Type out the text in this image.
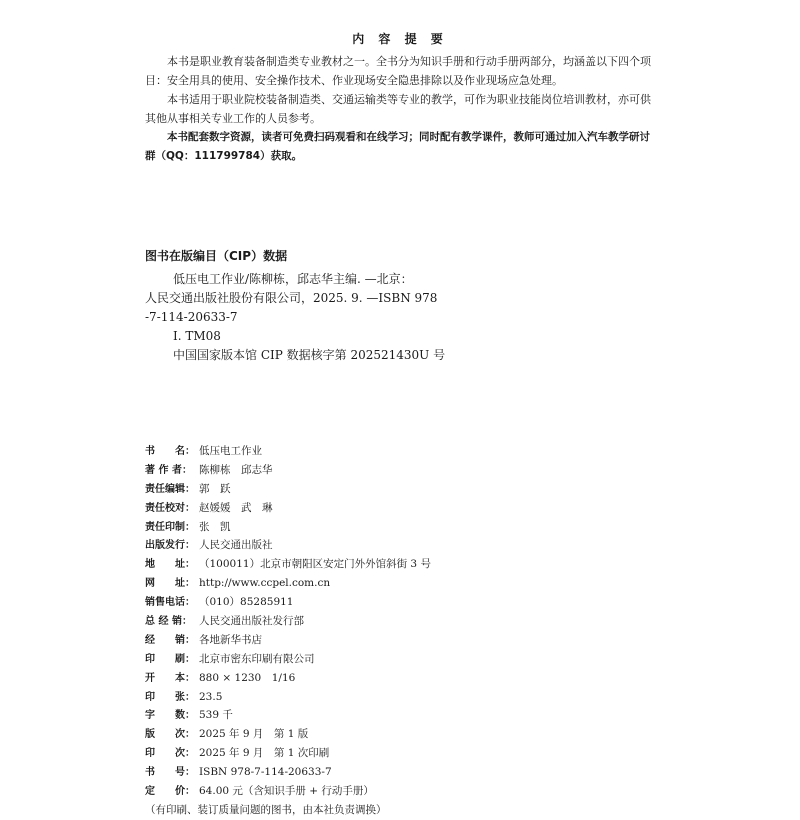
内 容 提 要

本书是职业教育装备制造类专业教材之一。全书分为知识手册和行动手册两部分，均涵盖以下四个项目：安全用具的使用、安全操作技术、作业现场安全隐患排除以及作业现场应急处理。

本书适用于职业院校装备制造类、交通运输类等专业的教学，可作为职业技能岗位培训教材，亦可供其他从事相关专业工作的人员参考。

本书配套数字资源，读者可免费扫码观看和在线学习；同时配有教学课件，教师可通过加入汽车教学研讨群（QQ：111799784）获取。

图书在版编目（CIP）数据
低压电工作业/陈柳栋，邱志华主编. —北京：
人民交通出版社股份有限公司，2025. 9. —ISBN 978
-7-114-20633-7
Ⅰ. TM08
中国国家版本馆 CIP 数据核字第 202521430U 号
书　　名： 低压电工作业
著 作 者： 陈柳栋　邱志华
责任编辑： 郭　跃
责任校对： 赵媛媛　武　琳
责任印制： 张　凯
出版发行： 人民交通出版社
地　　址： （100011）北京市朝阳区安定门外外馆斜街 3 号
网　　址： http://www.ccpel.com.cn
销售电话： （010）85285911
总 经 销： 人民交通出版社发行部
经　　销： 各地新华书店
印　　刷： 北京市密东印刷有限公司
开　　本： 880 × 1230　1/16
印　　张： 23.5
字　　数： 539 千
版　　次： 2025 年 9 月　第 1 版
印　　次： 2025 年 9 月　第 1 次印刷
书　　号： ISBN 978-7-114-20633-7
定　　价： 64.00 元（含知识手册 + 行动手册）
（有印刷、装订质量问题的图书，由本社负责调换）
